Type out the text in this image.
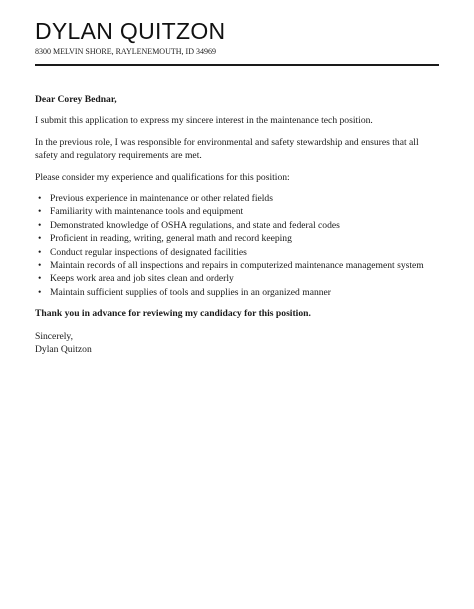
DYLAN QUITZON
8300 MELVIN SHORE, RAYLENEMOUTH, ID 34969

Dear Corey Bednar,

I submit this application to express my sincere interest in the maintenance tech position.

In the previous role, I was responsible for environmental and safety stewardship and ensures that all safety and regulatory requirements are met.

Please consider my experience and qualifications for this position:

• Previous experience in maintenance or other related fields
• Familiarity with maintenance tools and equipment
• Demonstrated knowledge of OSHA regulations, and state and federal codes
• Proficient in reading, writing, general math and record keeping
• Conduct regular inspections of designated facilities
• Maintain records of all inspections and repairs in computerized maintenance management system
• Keeps work area and job sites clean and orderly
• Maintain sufficient supplies of tools and supplies in an organized manner

Thank you in advance for reviewing my candidacy for this position.

Sincerely,

Dylan Quitzon
